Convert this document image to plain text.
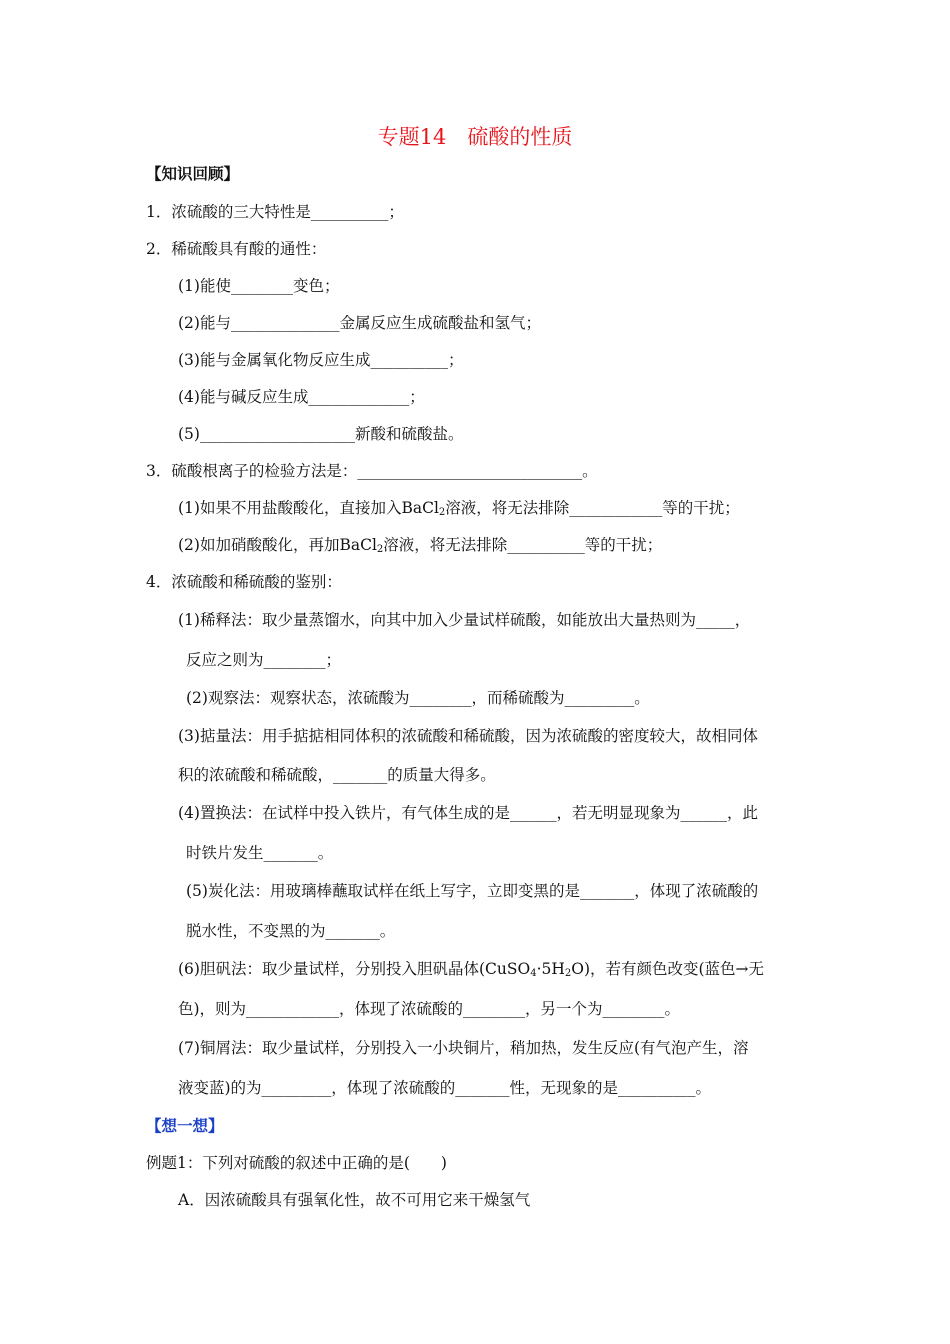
专题14　硫酸的性质
【知识回顾】
1．浓硫酸的三大特性是__________；
2．稀硫酸具有酸的通性：
(1)能使________变色；
(2)能与______________金属反应生成硫酸盐和氢气；
(3)能与金属氧化物反应生成__________；
(4)能与碱反应生成_____________；
(5)____________________新酸和硫酸盐。
3．硫酸根离子的检验方法是：_____________________________。
(1)如果不用盐酸酸化，直接加入BaCl$_2$溶液，将无法排除____________等的干扰；
(2)如加硝酸酸化，再加BaCl$_2$溶液，将无法排除__________等的干扰；
4．浓硫酸和稀硫酸的鉴别：
(1)稀释法：取少量蒸馏水，向其中加入少量试样硫酸，如能放出大量热则为_____，
反应之则为________；
(2)观察法：观察状态，浓硫酸为________，而稀硫酸为_________。
(3)掂量法：用手掂掂相同体积的浓硫酸和稀硫酸，因为浓硫酸的密度较大，故相同体
积的浓硫酸和稀硫酸，_______的质量大得多。
(4)置换法：在试样中投入铁片，有气体生成的是______，若无明显现象为______，此
时铁片发生_______。
(5)炭化法：用玻璃棒蘸取试样在纸上写字，立即变黑的是_______，体现了浓硫酸的
脱水性，不变黑的为_______。
(6)胆矾法：取少量试样，分别投入胆矾晶体$(CuSO_4\cdot 5H_2O)$，若有颜色改变(蓝色→无
色)，则为____________，体现了浓硫酸的________，另一个为________。
(7)铜屑法：取少量试样，分别投入一小块铜片，稍加热，发生反应(有气泡产生，溶
液变蓝)的为_________，体现了浓硫酸的_______性，无现象的是__________。
【想一想】
例题1：下列对硫酸的叙述中正确的是(　　)
A．因浓硫酸具有强氧化性，故不可用它来干燥氢气
